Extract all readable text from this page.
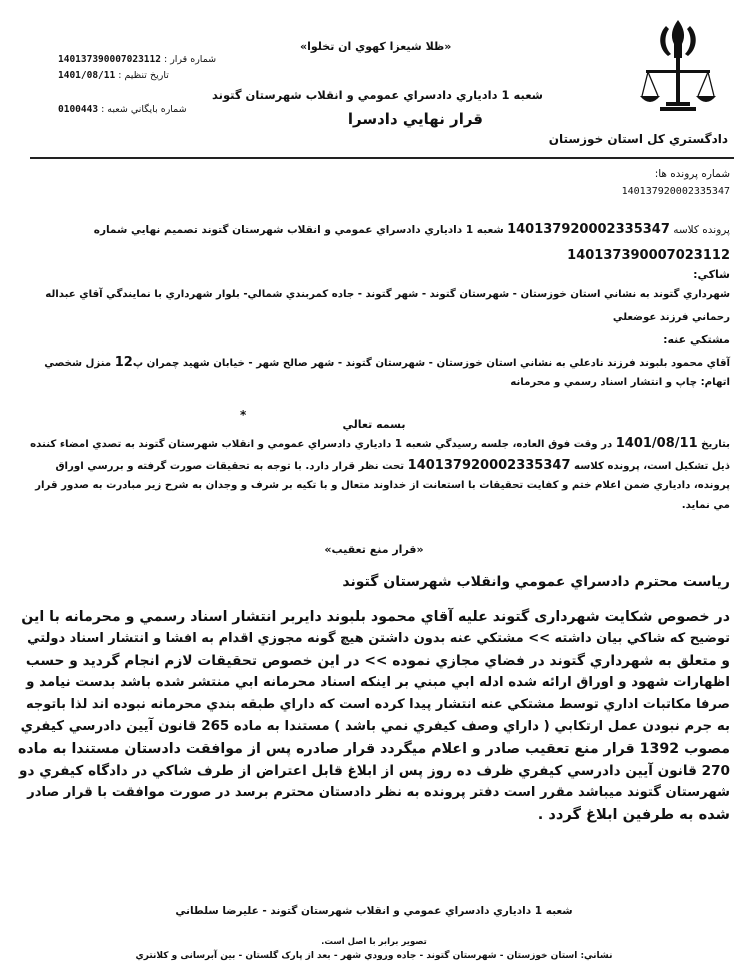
دادگستري کل استان خوزستان
«ظلا شيعزا کهوي ان تخلوا»
شعبه 1 دادياري دادسراي عمومي و انقلاب شهرستان گتوند
قرار نهايي دادسرا
شماره قرار : 140137390007023112
تاريخ تنظيم : 1401/08/11
شماره بايگاني شعبه : 0100443
شماره پرونده ها:
140137920002335347
پرونده کلاسه 140137920002335347 شعبه 1 دادياري دادسراي عمومي و انقلاب شهرستان گتوند تصميم نهايي شماره
140137390007023112
شاکي:
شهرداري گتوند به نشاني استان خوزستان - شهرستان گتوند - شهر گتوند - جاده کمربندي شمالي- بلوار شهرداري با نمايندگي آقاي عبداله
رحماني فرزند عوضعلي
مشتکي عنه:
آقاي محمود بلبوند فرزند نادعلي به نشاني استان خوزستان - شهرستان گتوند - شهر صالح شهر - خيابان شهيد چمران پ12 منزل شخصي
اتهام: چاپ و انتشار اسناد رسمي و محرمانه
بسمه تعالي
*
بتاريخ 1401/08/11 در وقت فوق العاده، جلسه رسيدگي شعبه 1 دادياري دادسراي عمومي و انقلاب شهرستان گتوند به تصدي امضاء کننده
ذيل تشکيل است، پرونده کلاسه 140137920002335347 تحت نظر قرار دارد. با توجه به تحقيقات صورت گرفته و بررسي اوراق
پرونده، دادياري ضمن اعلام ختم و کفايت تحقيقات با استعانت از خداوند متعال و با تکيه بر شرف و وجدان به شرح زير مبادرت به صدور قرار
مي نمايد.
«قرار منع تعقيب»
رياست محترم دادسراي عمومي وانقلاب شهرستان گتوند
در خصوص شکايت شهرداری گتوند عليه آقاي محمود بلبوند دايربر انتشار اسناد رسمي و محرمانه با اين
توضيح که شاکي بيان داشته >> مشتکي عنه بدون داشتن هيچ گونه مجوزي اقدام به افشا و انتشار اسناد دولتي
و متعلق به شهرداري گتوند در فضاي مجازي نموده >> در اين خصوص تحقيقات لازم انجام گرديد و حسب
اظهارات شهود و اوراق ارائه شده ادله ابي مبني بر اينکه اسناد محرمانه ابي منتشر شده باشد بدست نيامد و
صرفا مکاتبات اداري توسط مشتکي عنه انتشار پيدا کرده است که داراي طبقه بندي محرمانه نبوده اند لذا باتوجه
به جرم نبودن عمل ارتکابي ( داراي وصف کيفري نمي باشد ) مستندا به ماده 265 قانون آيين دادرسي کيفري
مصوب 1392 قرار منع تعقيب صادر و اعلام ميگردد قرار صادره پس از موافقت دادستان مستندا به ماده
270 قانون آيين دادرسي کيفري ظرف ده روز پس از ابلاغ قابل اعتراض از طرف شاکي در دادگاه کيفري دو
شهرستان گتوند ميباشد مقرر است دفتر پرونده به نظر دادستان محترم برسد در صورت موافقت با قرار صادر
شده به طرفين ابلاغ گردد .
شعبه 1 دادياري دادسراي عمومي و انقلاب شهرستان گتوند - عليرضا سلطاني
تصوير برابر با اصل است.
نشاني: استان خوزستان - شهرستان گتوند - جاده ورودي شهر - بعد از پارک گلستان - بين آبرسانی و کلانتري
